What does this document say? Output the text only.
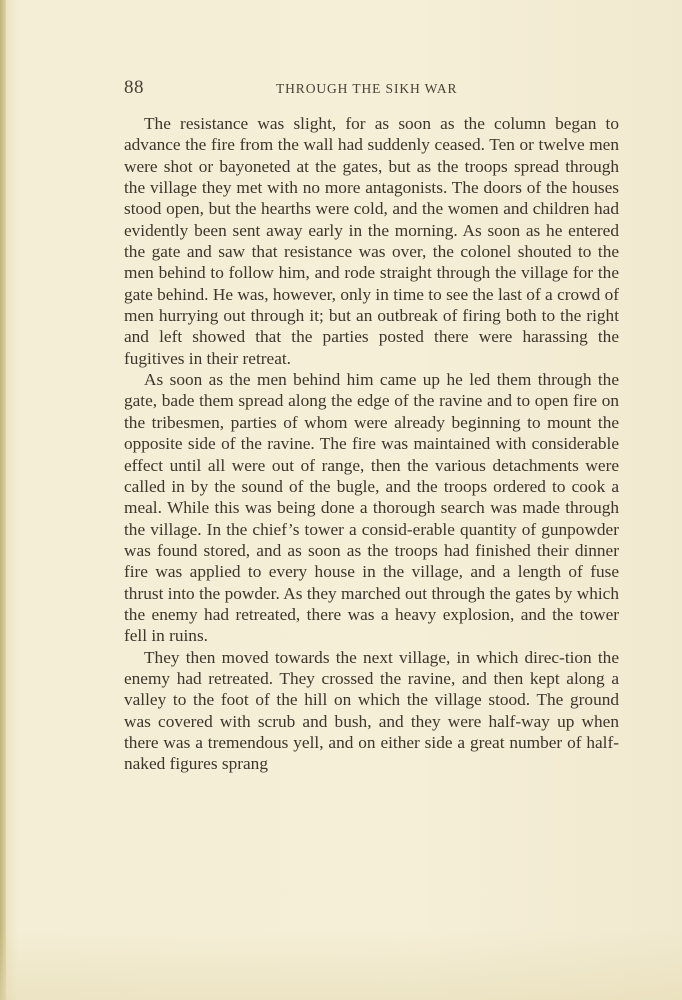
88	THROUGH THE SIKH WAR

The resistance was slight, for as soon as the column began to advance the fire from the wall had suddenly ceased. Ten or twelve men were shot or bayoneted at the gates, but as the troops spread through the village they met with no more antagonists. The doors of the houses stood open, but the hearths were cold, and the women and children had evidently been sent away early in the morning. As soon as he entered the gate and saw that resistance was over, the colonel shouted to the men behind to follow him, and rode straight through the village for the gate behind. He was, however, only in time to see the last of a crowd of men hurrying out through it; but an outbreak of firing both to the right and left showed that the parties posted there were harassing the fugitives in their retreat.

As soon as the men behind him came up he led them through the gate, bade them spread along the edge of the ravine and to open fire on the tribesmen, parties of whom were already beginning to mount the opposite side of the ravine. The fire was maintained with considerable effect until all were out of range, then the various detachments were called in by the sound of the bugle, and the troops ordered to cook a meal. While this was being done a thorough search was made through the village. In the chief’s tower a consid-erable quantity of gunpowder was found stored, and as soon as the troops had finished their dinner fire was applied to every house in the village, and a length of fuse thrust into the powder. As they marched out through the gates by which the enemy had retreated, there was a heavy explosion, and the tower fell in ruins.

They then moved towards the next village, in which direc-tion the enemy had retreated. They crossed the ravine, and then kept along a valley to the foot of the hill on which the village stood. The ground was covered with scrub and bush, and they were half-way up when there was a tremendous yell, and on either side a great number of half-naked figures sprang
